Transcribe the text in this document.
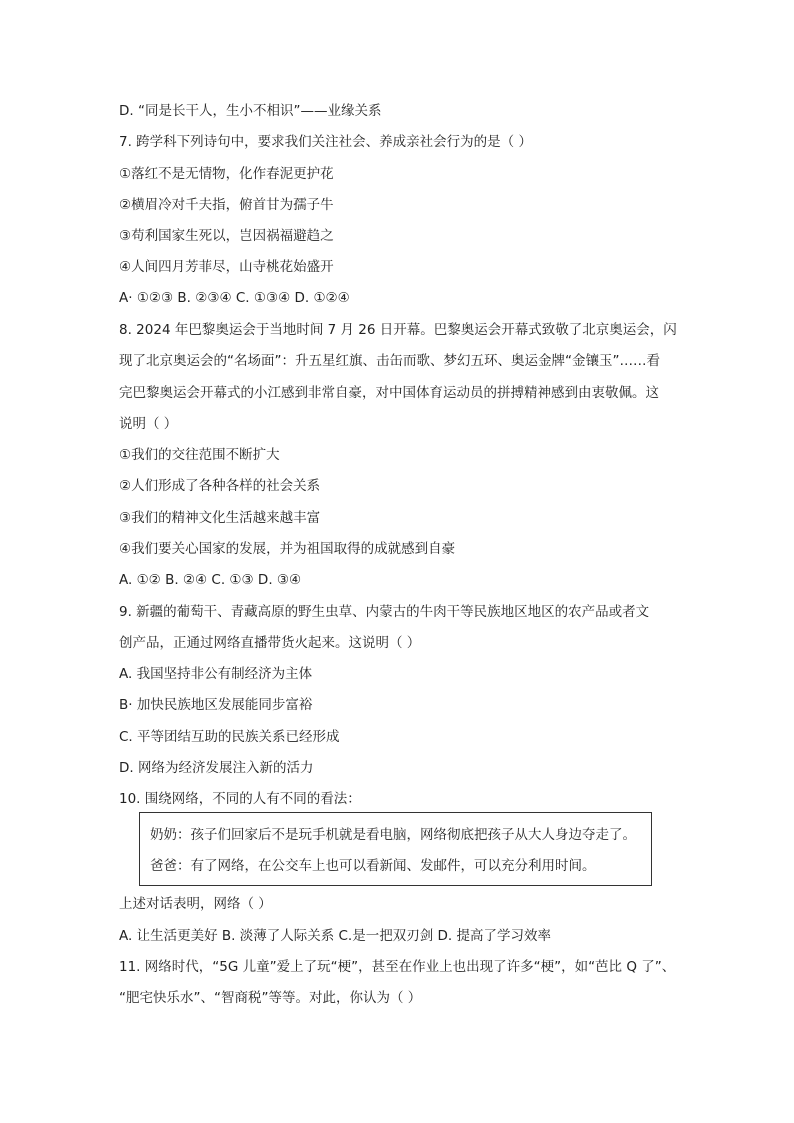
D. “同是长干人，生小不相识”——业缘关系
7. 跨学科下列诗句中，要求我们关注社会、养成亲社会行为的是（ ）
①落红不是无情物，化作春泥更护花
②横眉冷对千夫指，俯首甘为孺子牛
③苟利国家生死以，岂因祸福避趋之
④人间四月芳菲尽，山寺桃花始盛开
A· ①②③ B. ②③④ C. ①③④ D. ①②④
8. 2024 年巴黎奥运会于当地时间 7 月 26 日开幕。巴黎奥运会开幕式致敬了北京奥运会，闪
现了北京奥运会的“名场面”：升五星红旗、击缶而歌、梦幻五环、奥运金牌“金镶玉”……看
完巴黎奥运会开幕式的小江感到非常自豪，对中国体育运动员的拼搏精神感到由衷敬佩。这
说明（ ）
①我们的交往范围不断扩大
②人们形成了各种各样的社会关系
③我们的精神文化生活越来越丰富
④我们要关心国家的发展，并为祖国取得的成就感到自豪
A. ①② B. ②④ C. ①③ D. ③④
9. 新疆的葡萄干、青藏高原的野生虫草、内蒙古的牛肉干等民族地区地区的农产品或者文
创产品，正通过网络直播带货火起来。这说明（ ）
A. 我国坚持非公有制经济为主体
B· 加快民族地区发展能同步富裕
C. 平等团结互助的民族关系已经形成
D. 网络为经济发展注入新的活力
10. 围绕网络，不同的人有不同的看法：
奶奶：孩子们回家后不是玩手机就是看电脑，网络彻底把孩子从大人身边夺走了。
爸爸：有了网络，在公交车上也可以看新闻、发邮件，可以充分利用时间。
上述对话表明，网络（ ）
A. 让生活更美好 B. 淡薄了人际关系 C.是一把双刃剑 D. 提高了学习效率
11. 网络时代，“5G 儿童”爱上了玩“梗”，甚至在作业上也出现了许多“梗”，如“芭比 Q 了”、
“肥宅快乐水”、“智商税”等等。对此，你认为（ ）
